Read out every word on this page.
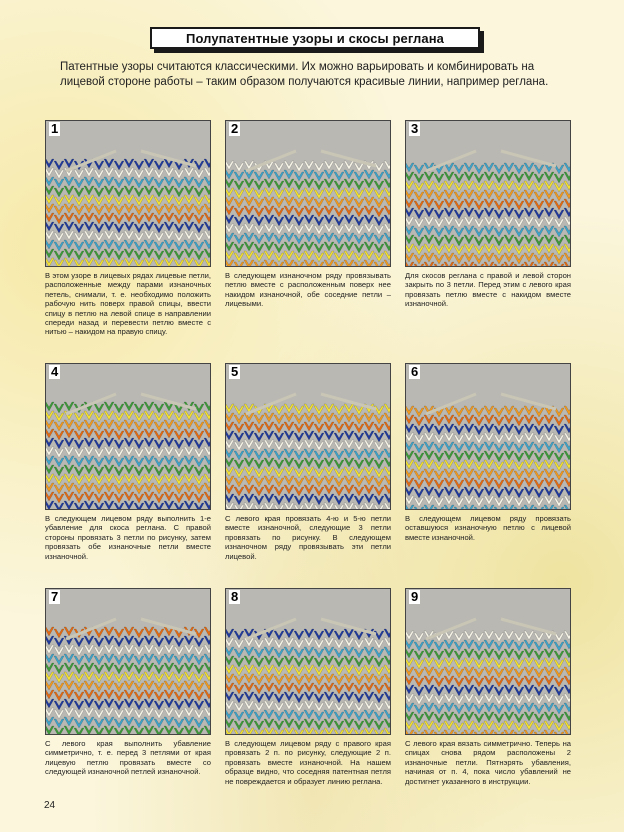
Полупатентные узоры и скосы реглана
Патентные узоры считаются классическими. Их можно варьировать и комбинировать на лицевой стороне работы – таким образом получаются красивые линии, например реглана.
1
В этом узоре в лицевых рядах лицевые петли, расположенные между парами изнаночных петель, снимали, т. е. необходимо положить рабочую нить поверх правой спицы, ввести спицу в петлю на левой спице в направлении спереди назад и перевести петлю вместе с нитью – накидом на правую спицу.
2
В следующем изнаночном ряду провязывать петлю вместе с расположенным поверх нее накидом изнаночной, обе соседние петли – лицевыми.
3
Для скосов реглана с правой и левой сторон закрыть по 3 петли. Перед этим с левого края провязать петлю вместе с накидом вместе изнаночной.
4
В следующем лицевом ряду выполнить 1-е убавление для скоса реглана. С правой стороны провязать 3 петли по рисунку, затем провязать обе изнаночные петли вместе изнаночной.
5
С левого края провязать 4-ю и 5-ю петли вместе изнаночной, следующие 3 петли провязать по рисунку. В следующем изнаночном ряду провязывать эти петли лицевой.
6
В следующем лицевом ряду провязать оставшуюся изнаночную петлю с лицевой вместе изнаночной.
7
С левого края выполнить убавление симметрично, т. е. перед 3 петлями от края лицевую петлю провязать вместе со следующей изнаночной петлей изнаночной.
8
В следующем лицевом ряду с правого края провязать 2 п. по рисунку, следующие 2 п. провязать вместе изнаночной. На нашем образце видно, что соседняя патентная петля не повреждается и образует линию реглана.
9
С левого края вязать симметрично. Теперь на спицах снова рядом расположены 2 изнаночные петли. Пятнэрять убавления, начиная от п. 4, пока число убавлений не достигнет указанного в инструкции.
24
